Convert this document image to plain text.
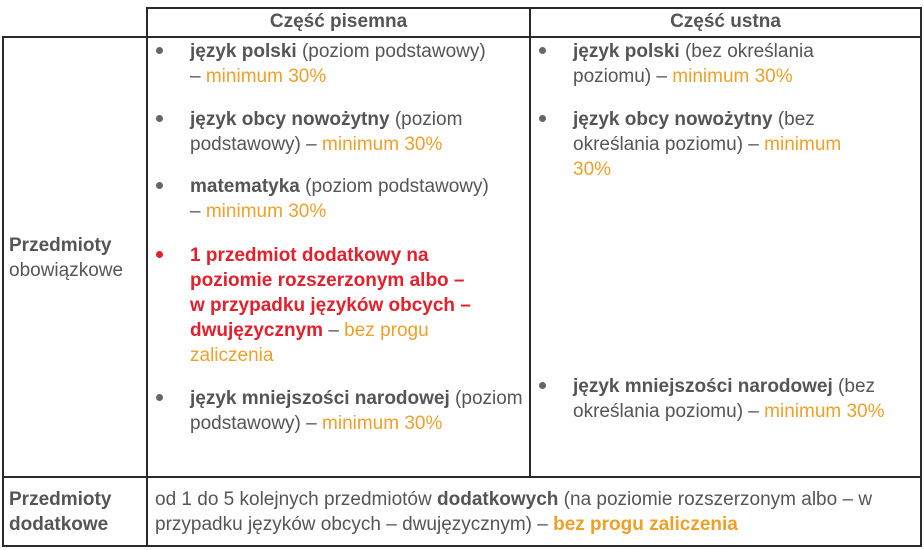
Część pisemna	Część ustna
Przedmioty
obowiązkowe
język polski (poziom podstawowy)
– minimum 30%
język obcy nowożytny (poziom podstawowy) – minimum 30%
matematyka (poziom podstawowy)
– minimum 30%
1 przedmiot dodatkowy na poziomie rozszerzonym albo – w przypadku języków obcych – dwujęzycznym – bez progu zaliczenia
język mniejszości narodowej (poziom podstawowy) – minimum 30%
język polski (bez określania poziomu) – minimum 30%
język obcy nowożytny (bez określania poziomu) – minimum 30%
język mniejszości narodowej (bez określania poziomu) – minimum 30%
Przedmioty
dodatkowe
od 1 do 5 kolejnych przedmiotów dodatkowych (na poziomie rozszerzonym albo – w przypadku języków obcych – dwujęzycznym) – bez progu zaliczenia
